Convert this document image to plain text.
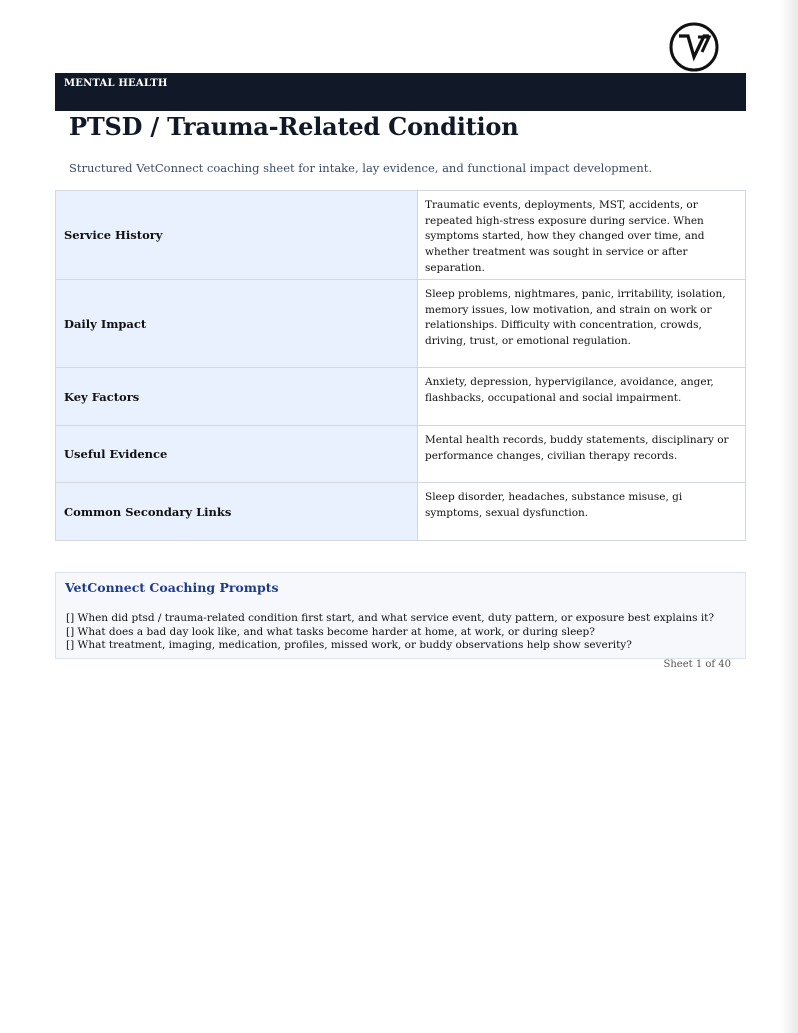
MENTAL HEALTH
PTSD / Trauma-Related Condition
Structured VetConnect coaching sheet for intake, lay evidence, and functional impact development.
Service History	Traumatic events, deployments, MST, accidents, or repeated high-stress exposure during service. When symptoms started, how they changed over time, and whether treatment was sought in service or after separation.
Daily Impact	Sleep problems, nightmares, panic, irritability, isolation, memory issues, low motivation, and strain on work or relationships. Difficulty with concentration, crowds, driving, trust, or emotional regulation.
Key Factors	Anxiety, depression, hypervigilance, avoidance, anger, flashbacks, occupational and social impairment.
Useful Evidence	Mental health records, buddy statements, disciplinary or performance changes, civilian therapy records.
Common Secondary Links	Sleep disorder, headaches, substance misuse, gi symptoms, sexual dysfunction.
VetConnect Coaching Prompts
[] When did ptsd / trauma-related condition first start, and what service event, duty pattern, or exposure best explains it?
[] What does a bad day look like, and what tasks become harder at home, at work, or during sleep?
[] What treatment, imaging, medication, profiles, missed work, or buddy observations help show severity?
Sheet 1 of 40
